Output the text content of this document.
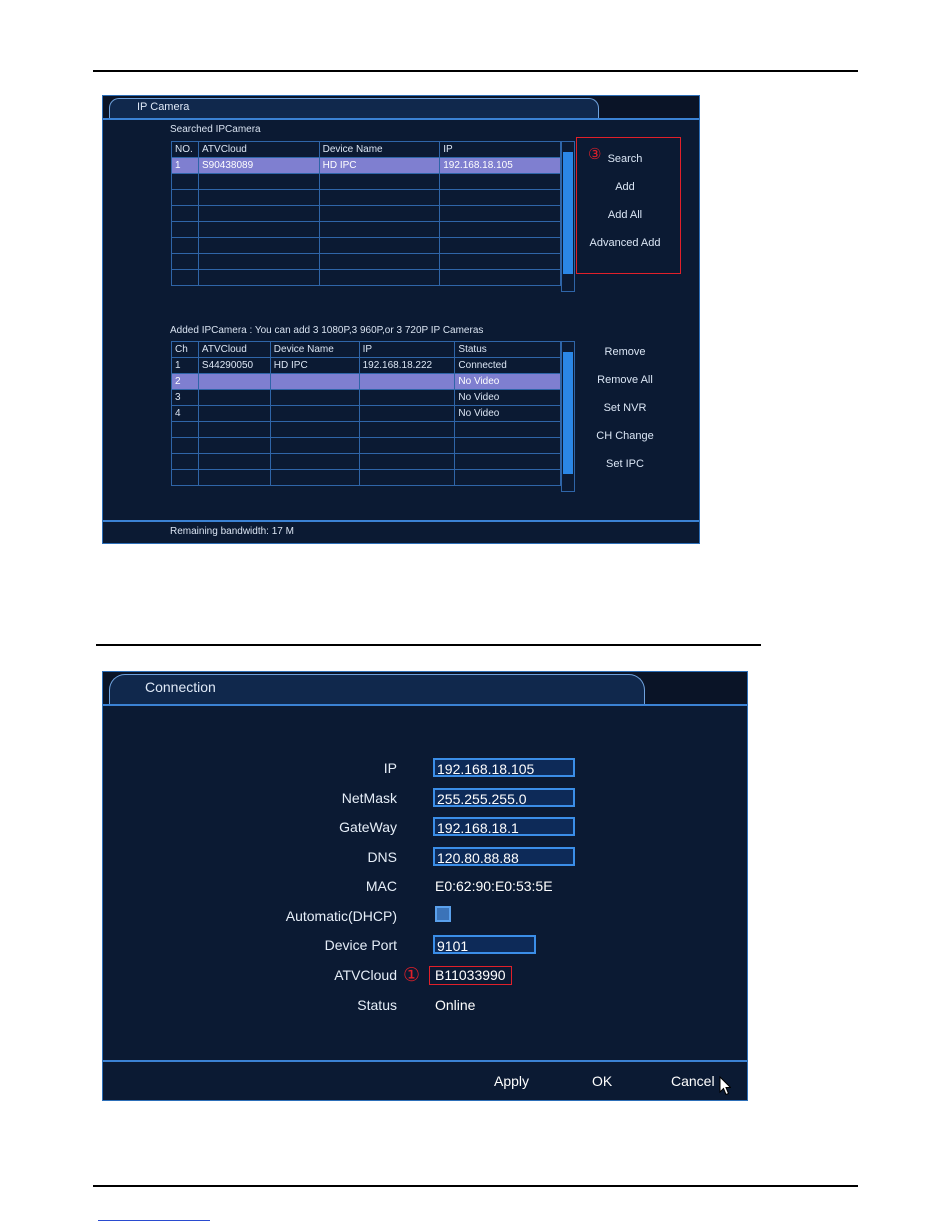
IP Camera
Searched IPCamera
NO.	ATVCloud	Device Name	IP
1	S90438089	HD IPC	192.168.18.105

③ Search
Add
Add All
Advanced Add
Added IPCamera : You can add 3 1080P,3 960P,or 3 720P IP Cameras
Ch	ATVCloud	Device Name	IP	Status
1	S44290050	HD IPC	192.168.18.222	Connected
2				No Video
3				No Video
4				No Video

Remove
Remove All
Set NVR
CH Change
Set IPC
Remaining bandwidth: 17 M
Connection
IP	192.168.18.105
NetMask	255.255.255.0
GateWay	192.168.18.1
DNS	120.80.88.88
MAC	E0:62:90:E0:53:5E
Automatic(DHCP)
Device Port	9101
①
ATVCloud	B11033990
Status	Online
Apply	OK	Cancel
